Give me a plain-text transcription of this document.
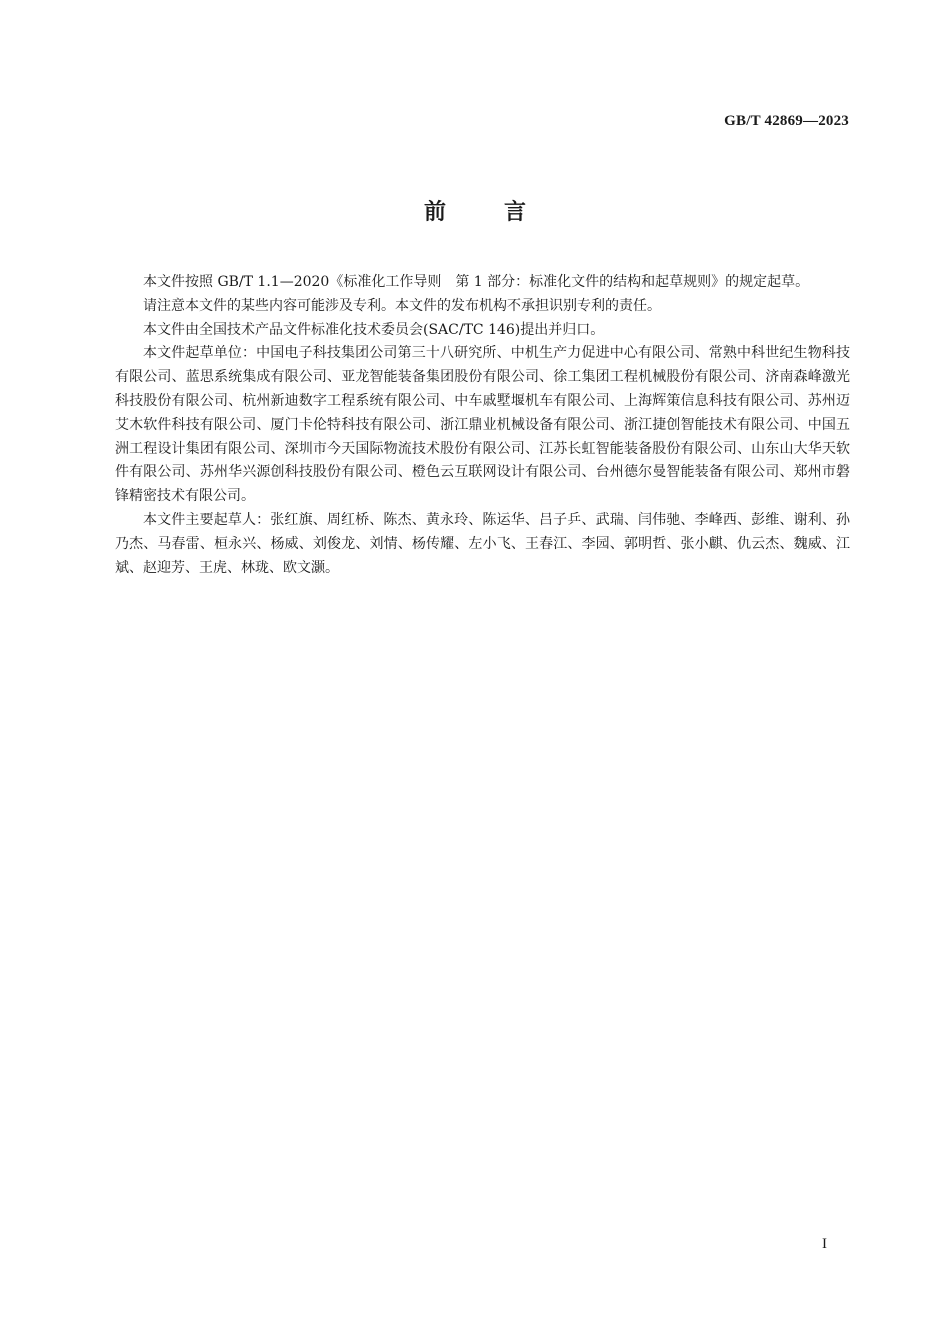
GB/T 42869—2023
前言

本文件按照 GB/T 1.1—2020《标准化工作导则　第 1 部分：标准化文件的结构和起草规则》的规定起草。

请注意本文件的某些内容可能涉及专利。本文件的发布机构不承担识别专利的责任。

本文件由全国技术产品文件标准化技术委员会(SAC/TC 146)提出并归口。

本文件起草单位：中国电子科技集团公司第三十八研究所、中机生产力促进中心有限公司、常熟中科世纪生物科技有限公司、蓝思系统集成有限公司、亚龙智能装备集团股份有限公司、徐工集团工程机械股份有限公司、济南森峰激光科技股份有限公司、杭州新迪数字工程系统有限公司、中车戚墅堰机车有限公司、上海辉策信息科技有限公司、苏州迈艾木软件科技有限公司、厦门卡伦特科技有限公司、浙江鼎业机械设备有限公司、浙江捷创智能技术有限公司、中国五洲工程设计集团有限公司、深圳市今天国际物流技术股份有限公司、江苏长虹智能装备股份有限公司、山东山大华天软件有限公司、苏州华兴源创科技股份有限公司、橙色云互联网设计有限公司、台州德尔曼智能装备有限公司、郑州市磐锋精密技术有限公司。

本文件主要起草人：张红旗、周红桥、陈杰、黄永玲、陈运华、吕子乒、武瑞、闫伟驰、李峰西、彭维、谢利、孙乃杰、马春雷、桓永兴、杨威、刘俊龙、刘情、杨传耀、左小飞、王春江、李园、郭明哲、张小麒、仇云杰、魏威、江斌、赵迎芳、王虎、林珑、欧文灏。

I
